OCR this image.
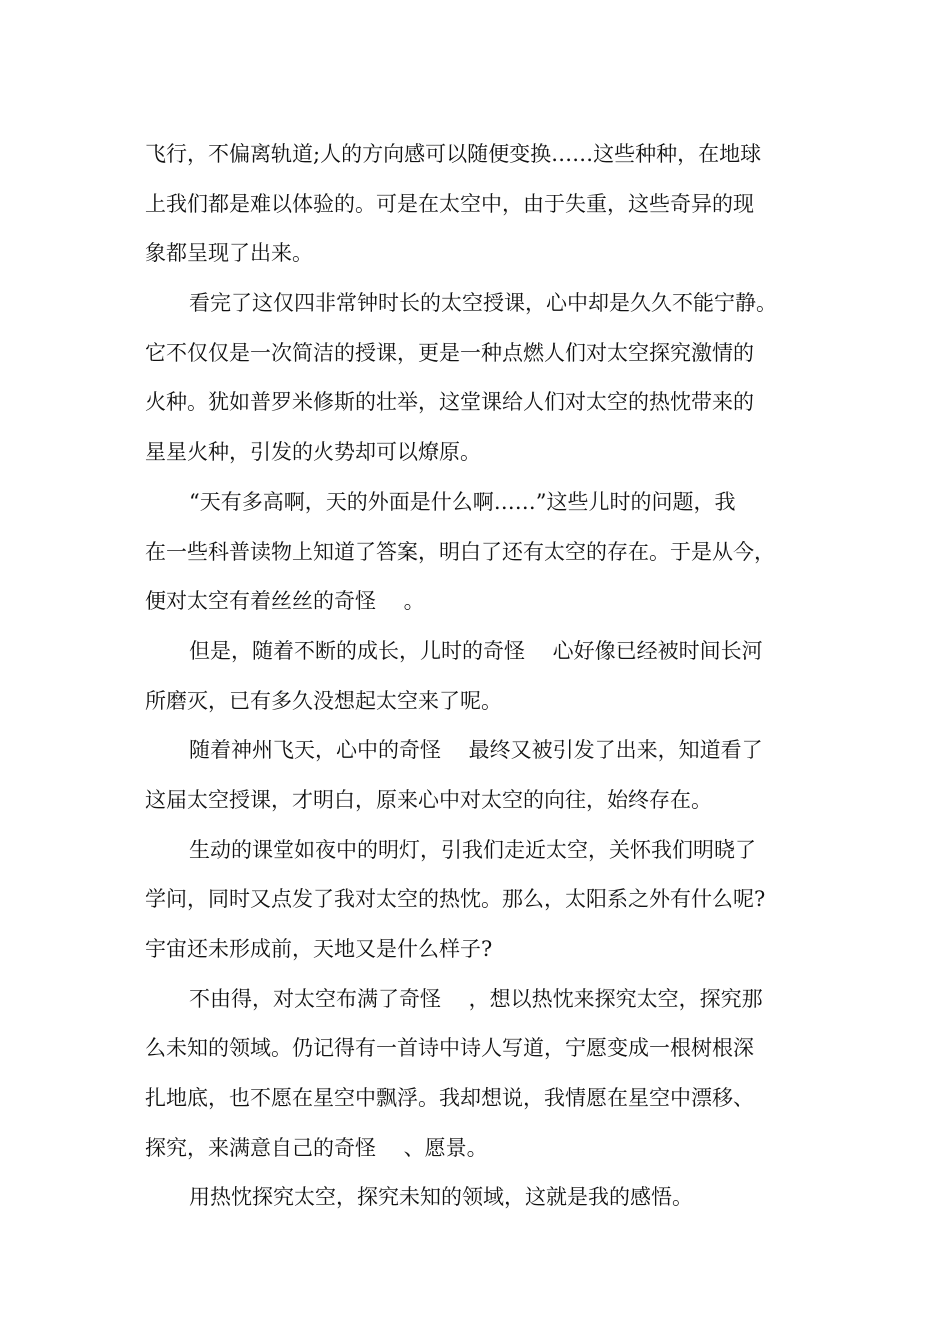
飞行，不偏离轨道;人的方向感可以随便变换……这些种种，在地球
上我们都是难以体验的。可是在太空中，由于失重，这些奇异的现
象都呈现了出来。
看完了这仅四非常钟时长的太空授课，心中却是久久不能宁静。
它不仅仅是一次简洁的授课，更是一种点燃人们对太空探究激情的
火种。犹如普罗米修斯的壮举，这堂课给人们对太空的热忱带来的
星星火种，引发的火势却可以燎原。
“天有多高啊，天的外面是什么啊……”这些儿时的问题，我
在一些科普读物上知道了答案，明白了还有太空的存在。于是从今，
便对太空有着丝丝的奇怪　 。
但是，随着不断的成长，儿时的奇怪　 心好像已经被时间长河
所磨灭，已有多久没想起太空来了呢。
随着神州飞天，心中的奇怪　 最终又被引发了出来，知道看了
这届太空授课，才明白，原来心中对太空的向往，始终存在。
生动的课堂如夜中的明灯，引我们走近太空，关怀我们明晓了
学问，同时又点发了我对太空的热忱。那么，太阳系之外有什么呢?
宇宙还未形成前，天地又是什么样子?
不由得，对太空布满了奇怪　 ，想以热忱来探究太空，探究那
么未知的领域。仍记得有一首诗中诗人写道，宁愿变成一根树根深
扎地底，也不愿在星空中飘浮。我却想说，我情愿在星空中漂移、
探究，来满意自己的奇怪　 、愿景。
用热忱探究太空，探究未知的领域，这就是我的感悟。
